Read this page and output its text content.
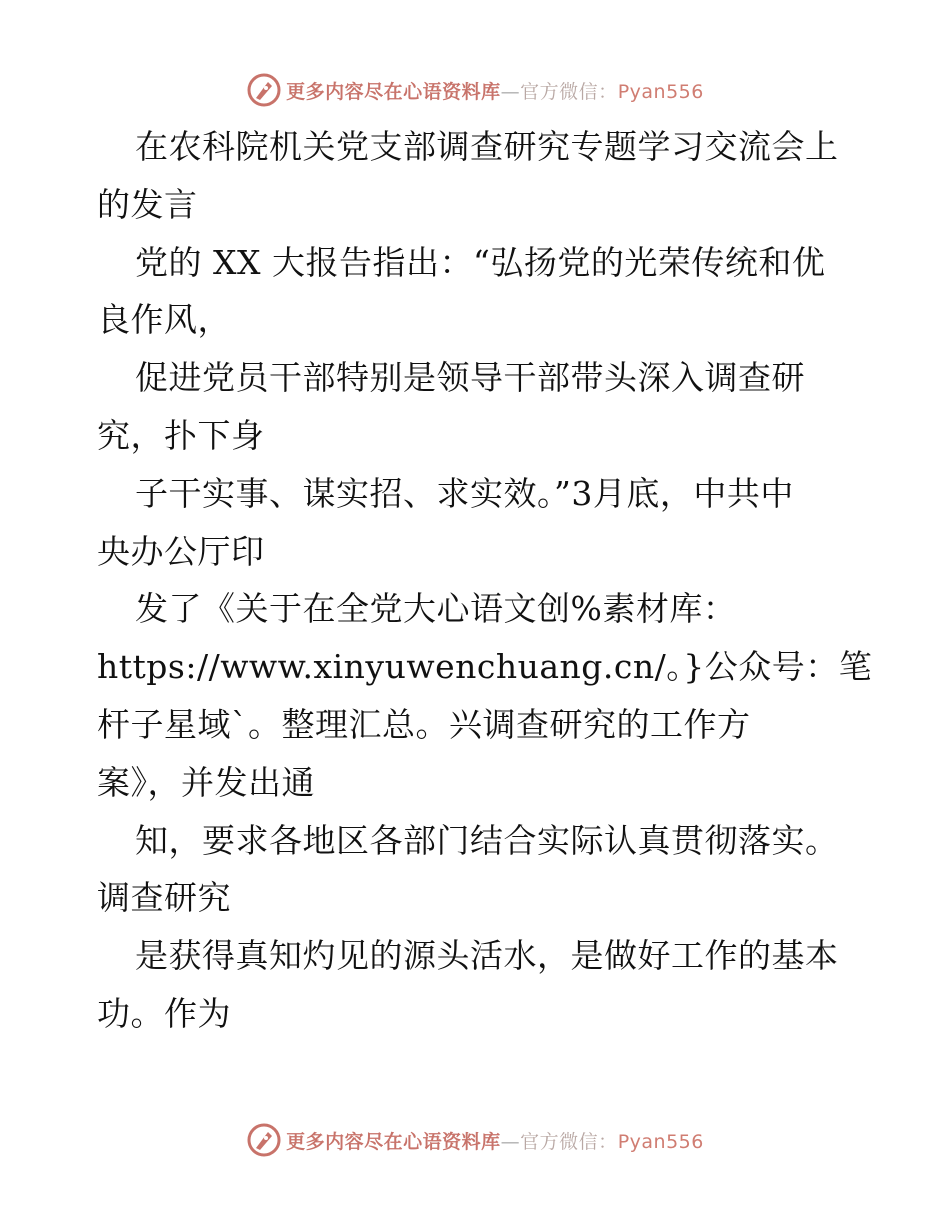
更多内容尽在心语资料库—官方微信：Pyan556
在农科院机关党支部调查研究专题学习交流会上
的发言
党的 XX 大报告指出：“弘扬党的光荣传统和优
良作风，
促进党员干部特别是领导干部带头深入调查研
究，扑下身
子干实事、谋实招、求实效。”3月底，中共中
央办公厅印
发了《关于在全党大心语文创%素材库：
https://www.xinyuwenchuang.cn/。}公众号：笔
杆子星域`。整理汇总。兴调查研究的工作方
案》，并发出通
知，要求各地区各部门结合实际认真贯彻落实。
调查研究
是获得真知灼见的源头活水，是做好工作的基本
功。作为
更多内容尽在心语资料库—官方微信：Pyan556
